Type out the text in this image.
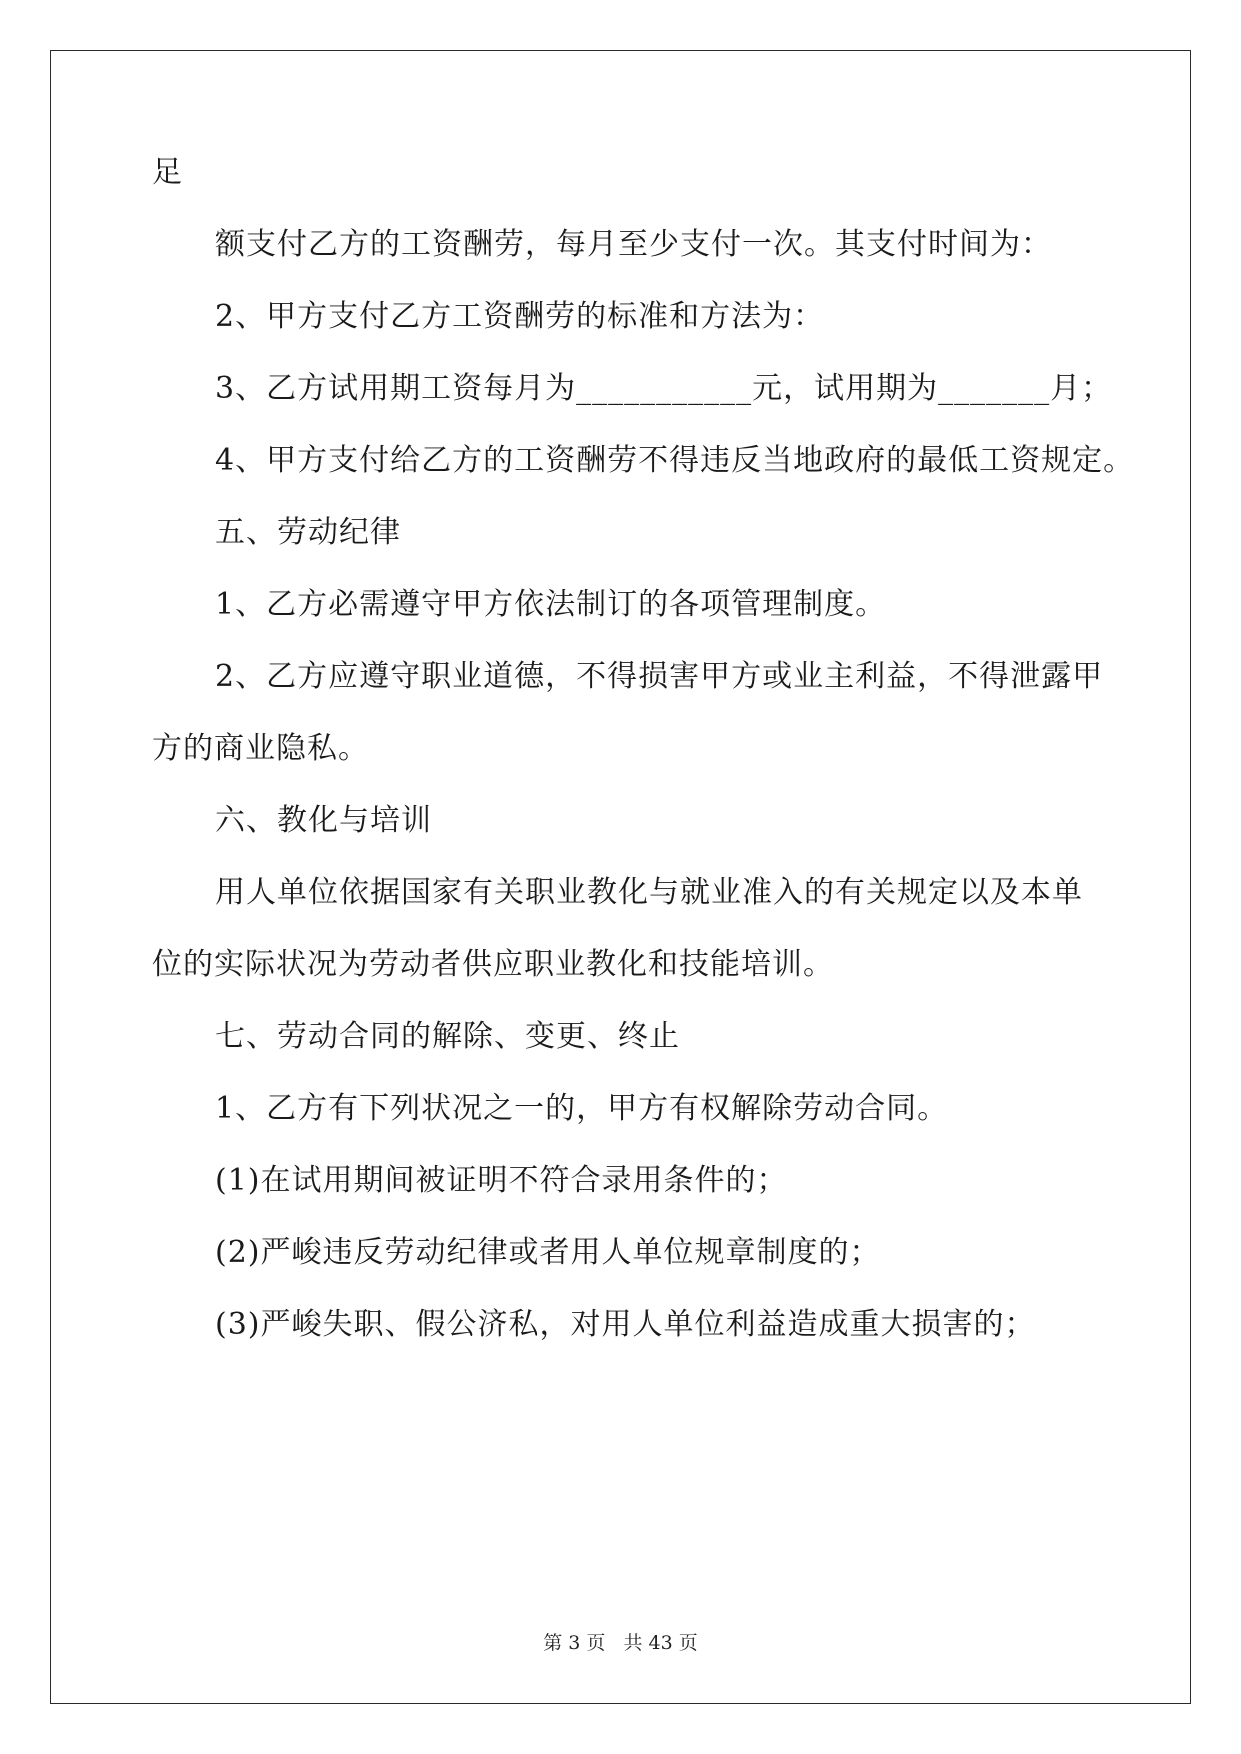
足
额支付乙方的工资酬劳，每月至少支付一次。其支付时间为：
2、甲方支付乙方工资酬劳的标准和方法为：
3、乙方试用期工资每月为___________元，试用期为_______月；
4、甲方支付给乙方的工资酬劳不得违反当地政府的最低工资规定。
五、劳动纪律
1、乙方必需遵守甲方依法制订的各项管理制度。
2、乙方应遵守职业道德，不得损害甲方或业主利益，不得泄露甲
方的商业隐私。
六、教化与培训
用人单位依据国家有关职业教化与就业准入的有关规定以及本单
位的实际状况为劳动者供应职业教化和技能培训。
七、劳动合同的解除、变更、终止
1、乙方有下列状况之一的，甲方有权解除劳动合同。
(1)在试用期间被证明不符合录用条件的；
(2)严峻违反劳动纪律或者用人单位规章制度的；
(3)严峻失职、假公济私，对用人单位利益造成重大损害的；
第 3 页 共 43 页
